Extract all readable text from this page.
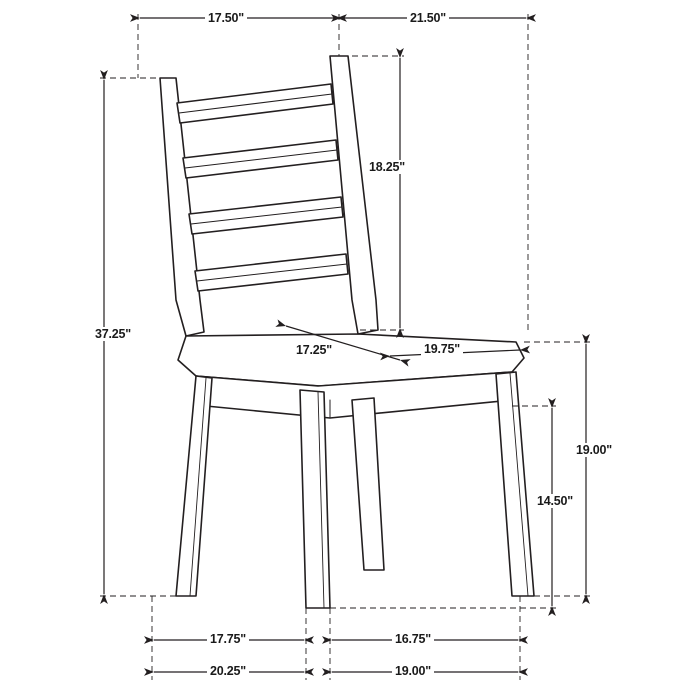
17.50"	21.50"
18.25"
37.25"
17.25"	19.75"
19.00"
14.50"
17.75"	16.75"
20.25"	19.00"
